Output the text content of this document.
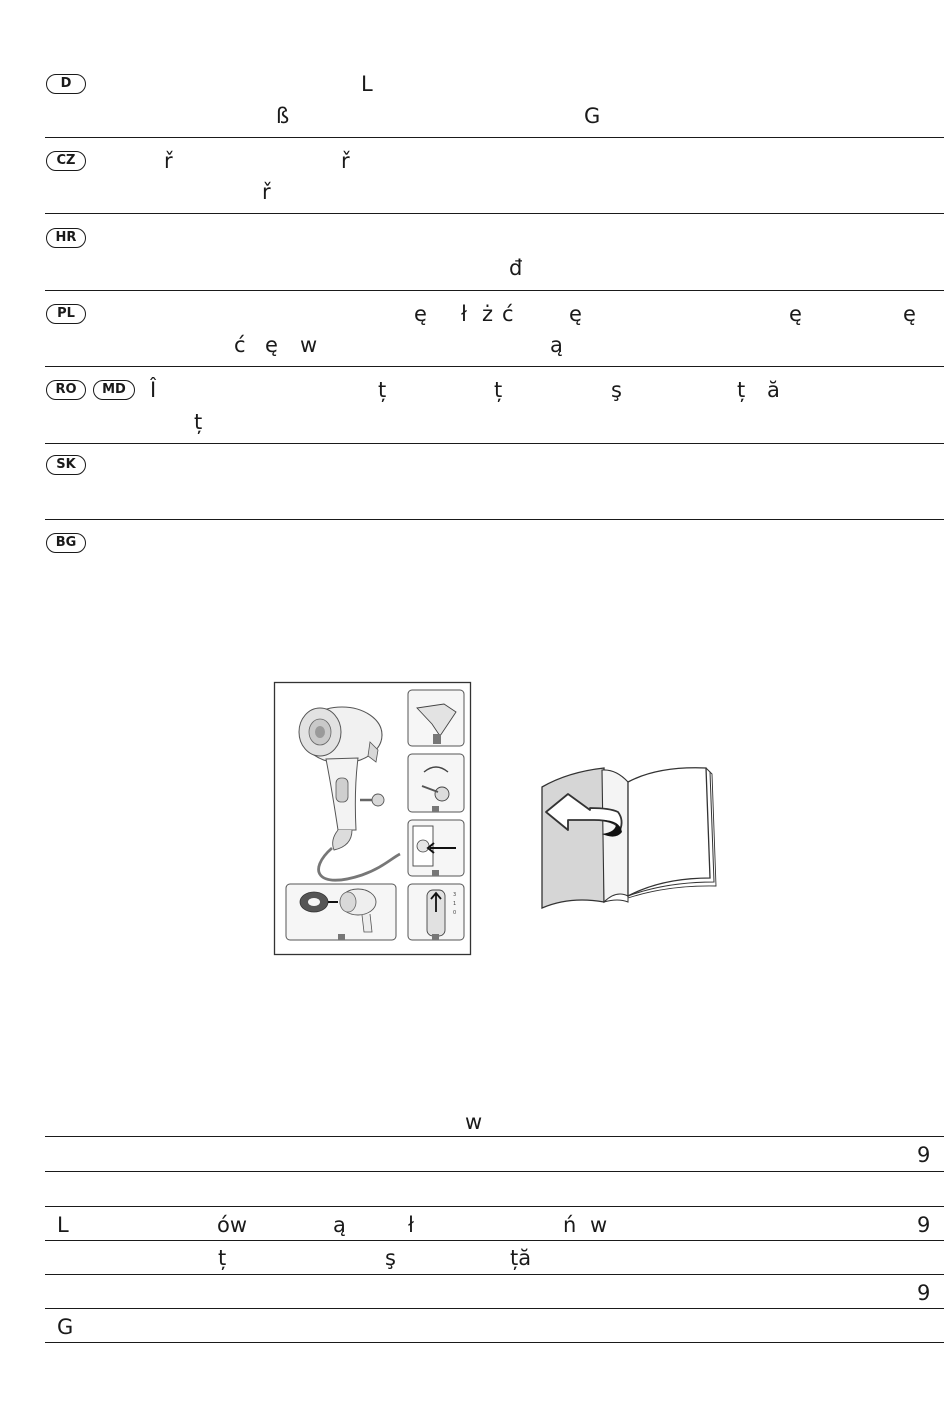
D	L
ß	G
CZ	ř	ř
ř
HR
đ
PL	ę ł ż ć	ę	ę	ę
ć ę w	ą
RO	MD	Î	ț	ț	ş	ț ă
ț
SK
BG
3
1
0
w
9
L	ów	ą	ł	ń w	9
ț	ş	ță
9
G
